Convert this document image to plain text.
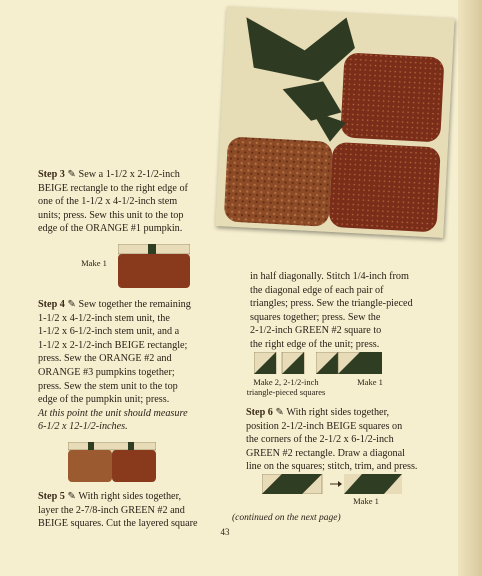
Step 3 ✎ Sew a 1-1/2 x 2-1/2-inch
BEIGE rectangle to the right edge of
one of the 1-1/2 x 4-1/2-inch stem
units; press. Sew this unit to the top
edge of the ORANGE #1 pumpkin.
Make 1
Step 4 ✎ Sew together the remaining
1-1/2 x 4-1/2-inch stem unit, the
1-1/2 x 6-1/2-inch stem unit, and a
1-1/2 x 2-1/2-inch BEIGE rectangle;
press. Sew the ORANGE #2 and
ORANGE #3 pumpkins together;
press. Sew the stem unit to the top
edge of the pumpkin unit; press.
At this point the unit should measure
6-1/2 x 12-1/2-inches.
Step 5 ✎ With right sides together,
layer the 2-7/8-inch GREEN #2 and
BEIGE squares. Cut the layered square
in half diagonally. Stitch 1/4-inch from
the diagonal edge of each pair of
triangles; press. Sew the triangle-pieced
squares together; press. Sew the
2-1/2-inch GREEN #2 square to
the right edge of the unit; press.
Make 2, 2-1/2-inch
triangle-pieced squares
Make 1
Step 6 ✎ With right sides together,
position 2-1/2-inch BEIGE squares on
the corners of the 2-1/2 x 6-1/2-inch
GREEN #2 rectangle. Draw a diagonal
line on the squares; stitch, trim, and press.
Make 1
(continued on the next page)
43
